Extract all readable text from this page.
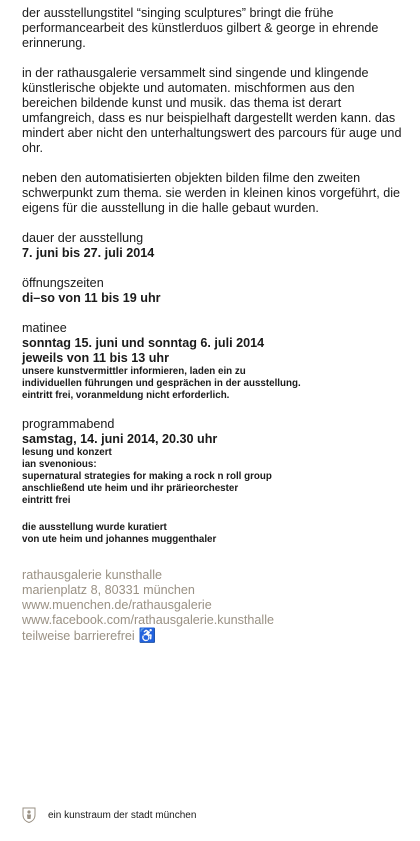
der ausstellungstitel “singing sculptures” bringt die frühe performancearbeit des künstlerduos gilbert & george in ehrende erinnerung.

in der rathausgalerie versammelt sind singende und klingende künstlerische objekte und automaten. mischformen aus den bereichen bildende kunst und musik. das thema ist derart umfangreich, dass es nur beispielhaft dargestellt werden kann. das mindert aber nicht den unterhaltungswert des parcours für auge und ohr.

neben den automatisierten objekten bilden filme den zweiten schwerpunkt zum thema. sie werden in kleinen kinos vorgeführt, die eigens für die ausstellung in die halle gebaut wurden.

dauer der ausstellung

7. juni bis 27. juli 2014

öffnungszeiten

di–so von 11 bis 19 uhr

matinee

sonntag 15. juni und sonntag 6. juli 2014

jeweils von 11 bis 13 uhr

unsere kunstvermittler informieren, laden ein zu

individuellen führungen und gesprächen in der ausstellung.

eintritt frei, voranmeldung nicht erforderlich.

programmabend

samstag, 14. juni 2014, 20.30 uhr

lesung und konzert

ian svenonious:

supernatural strategies for making a rock n roll group

anschließend ute heim und ihr prärieorchester

eintritt frei

die ausstellung wurde kuratiert

von ute heim und johannes muggenthaler

rathausgalerie kunsthalle

marienplatz 8, 80331 münchen

www.muenchen.de/rathausgalerie

www.facebook.com/rathausgalerie.kunsthalle

teilweise barrierefrei ♿

ein kunstraum der stadt münchen
